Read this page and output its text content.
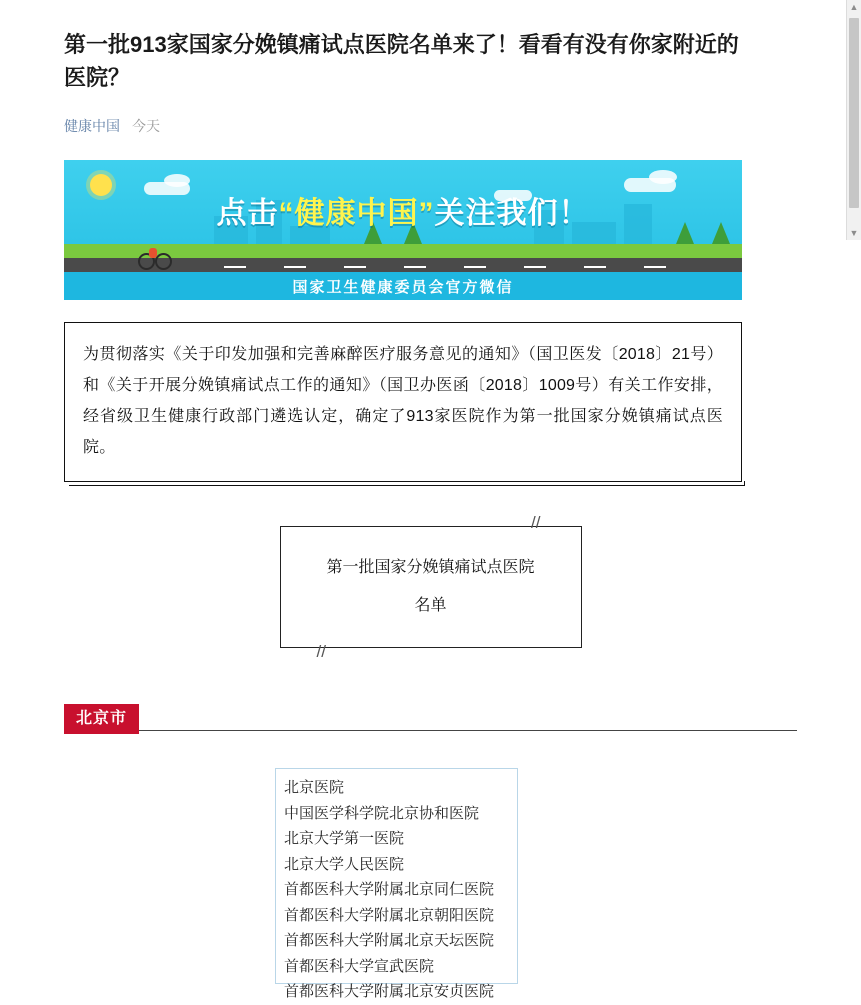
第一批913家国家分娩镇痛试点医院名单来了！看看有没有你家附近的医院？
健康中国 今天
点击“健康中国”关注我们！
国家卫生健康委员会官方微信
为贯彻落实《关于印发加强和完善麻醉医疗服务意见的通知》（国卫医发〔2018〕21号）和《关于开展分娩镇痛试点工作的通知》（国卫办医函〔2018〕1009号）有关工作安排，经省级卫生健康行政部门遴选认定，确定了913家医院作为第一批国家分娩镇痛试点医院。
//
//
第一批国家分娩镇痛试点医院
名单
北京市
北京医院
中国医学科学院北京协和医院
北京大学第一医院
北京大学人民医院
首都医科大学附属北京同仁医院
首都医科大学附属北京朝阳医院
首都医科大学附属北京天坛医院
首都医科大学宣武医院
首都医科大学附属北京安贞医院
▲
▼
